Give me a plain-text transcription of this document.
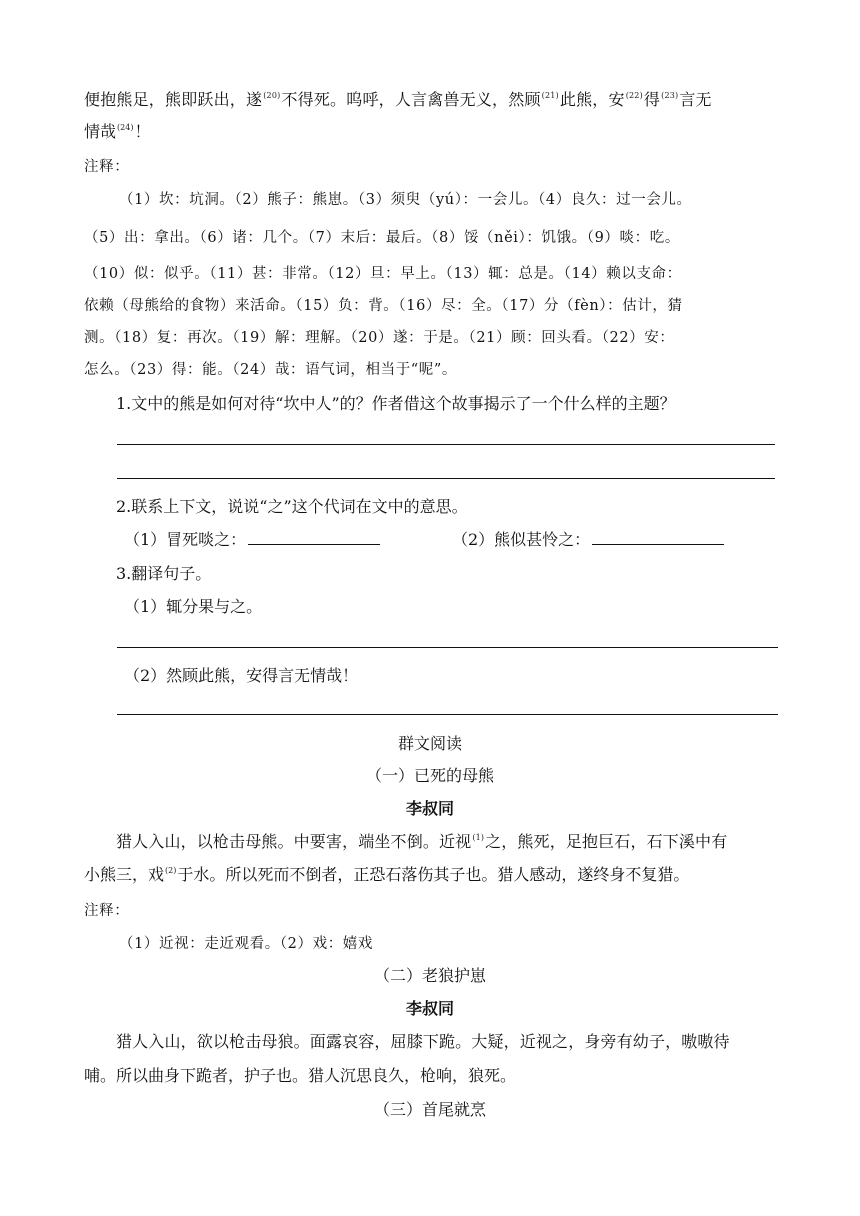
便抱熊足，熊即跃出，遂$^{(20)}$不得死。呜呼，人言禽兽无义，然顾$^{(21)}$此熊，安$^{(22)}$得$^{(23)}$言无
情哉$^{(24)}$！
注释：
（1）坎：坑洞。（2）熊子：熊崽。（3）须臾（yú）：一会儿。（4）良久：过一会儿。
（5）出：拿出。（6）诸：几个。（7）末后：最后。（8）馁（něi）：饥饿。（9）啖：吃。
（10）似：似乎。（11）甚：非常。（12）旦：早上。（13）辄：总是。（14）赖以支命：
依赖（母熊给的食物）来活命。（15）负：背。（16）尽：全。（17）分（fèn）：估计，猜
测。（18）复：再次。（19）解：理解。（20）遂：于是。（21）顾：回头看。（22）安：
怎么。（23）得：能。（24）哉：语气词，相当于“呢”。
1.文中的熊是如何对待“坎中人”的？作者借这个故事揭示了一个什么样的主题？
2.联系上下文，说说“之”这个代词在文中的意思。
（1）冒死啖之：	（2）熊似甚怜之：
3.翻译句子。
（1）辄分果与之。
（2）然顾此熊，安得言无情哉！
群文阅读
（一）已死的母熊
李叔同
猎人入山，以枪击母熊。中要害，端坐不倒。近视$^{(1)}$之，熊死，足抱巨石，石下溪中有
小熊三，戏$^{(2)}$于水。所以死而不倒者，正恐石落伤其子也。猎人感动，遂终身不复猎。
注释：
（1）近视：走近观看。（2）戏：嬉戏
（二）老狼护崽
李叔同
猎人入山，欲以枪击母狼。面露哀容，屈膝下跪。大疑，近视之，身旁有幼子，嗷嗷待
哺。所以曲身下跪者，护子也。猎人沉思良久，枪响，狼死。
（三）首尾就烹
